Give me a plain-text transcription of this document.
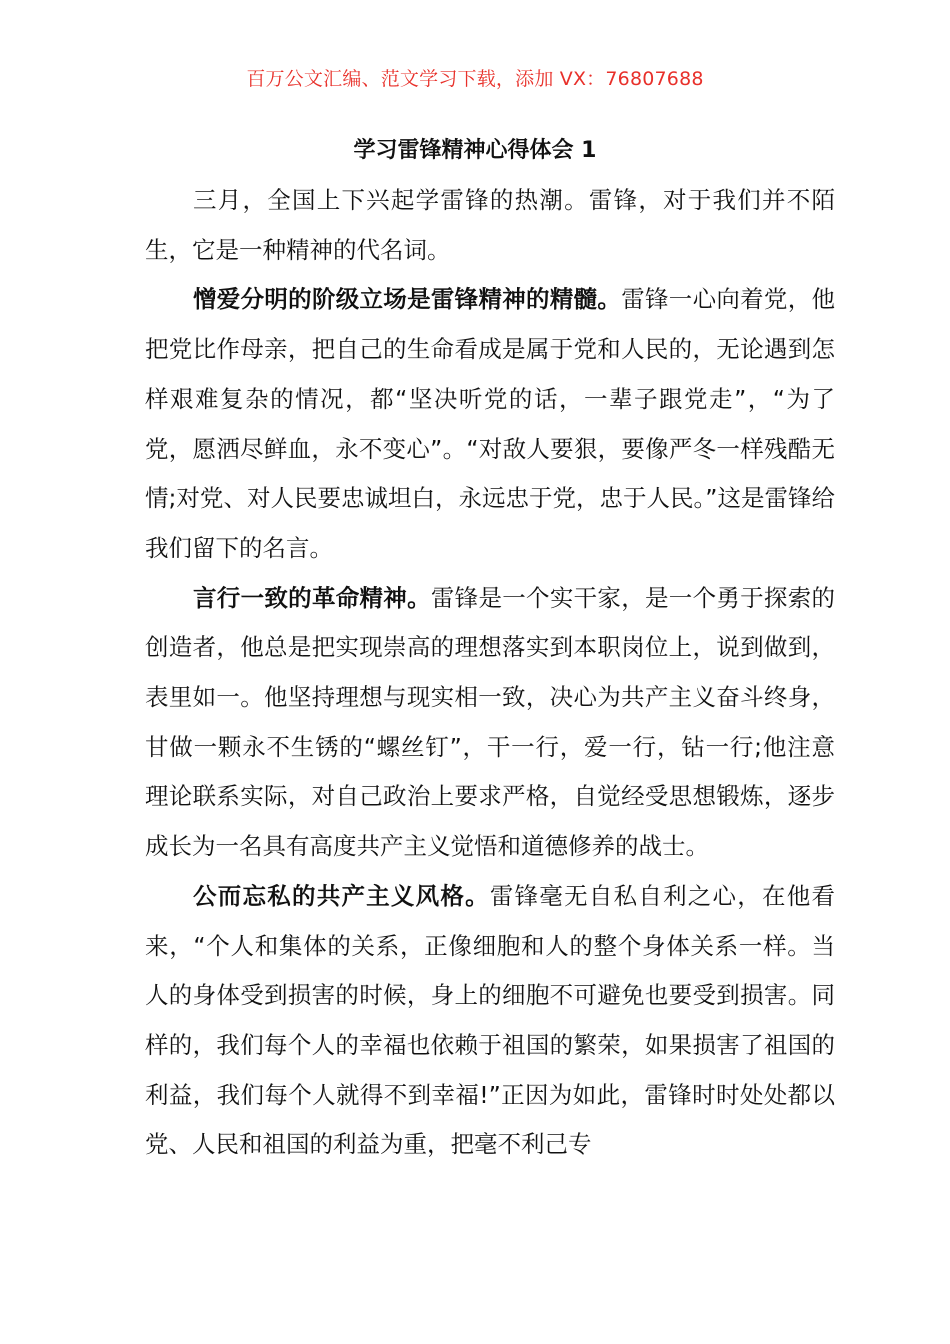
百万公文汇编、范文学习下载，添加 VX：76807688
学习雷锋精神心得体会 1

三月，全国上下兴起学雷锋的热潮。雷锋，对于我们并不陌生，它是一种精神的代名词。

憎爱分明的阶级立场是雷锋精神的精髓。雷锋一心向着党，他把党比作母亲，把自己的生命看成是属于党和人民的，无论遇到怎样艰难复杂的情况，都“坚决听党的话，一辈子跟党走”，“为了党，愿洒尽鲜血，永不变心”。“对敌人要狠，要像严冬一样残酷无情;对党、对人民要忠诚坦白，永远忠于党，忠于人民。”这是雷锋给我们留下的名言。

言行一致的革命精神。雷锋是一个实干家，是一个勇于探索的创造者，他总是把实现崇高的理想落实到本职岗位上，说到做到，表里如一。他坚持理想与现实相一致，决心为共产主义奋斗终身，甘做一颗永不生锈的“螺丝钉”，干一行，爱一行，钻一行;他注意理论联系实际，对自己政治上要求严格，自觉经受思想锻炼，逐步成长为一名具有高度共产主义觉悟和道德修养的战士。

公而忘私的共产主义风格。雷锋毫无自私自利之心，在他看来，“个人和集体的关系，正像细胞和人的整个身体关系一样。当人的身体受到损害的时候，身上的细胞不可避免也要受到损害。同样的，我们每个人的幸福也依赖于祖国的繁荣，如果损害了祖国的利益，我们每个人就得不到幸福!”正因为如此，雷锋时时处处都以党、人民和祖国的利益为重，把毫不利己专
